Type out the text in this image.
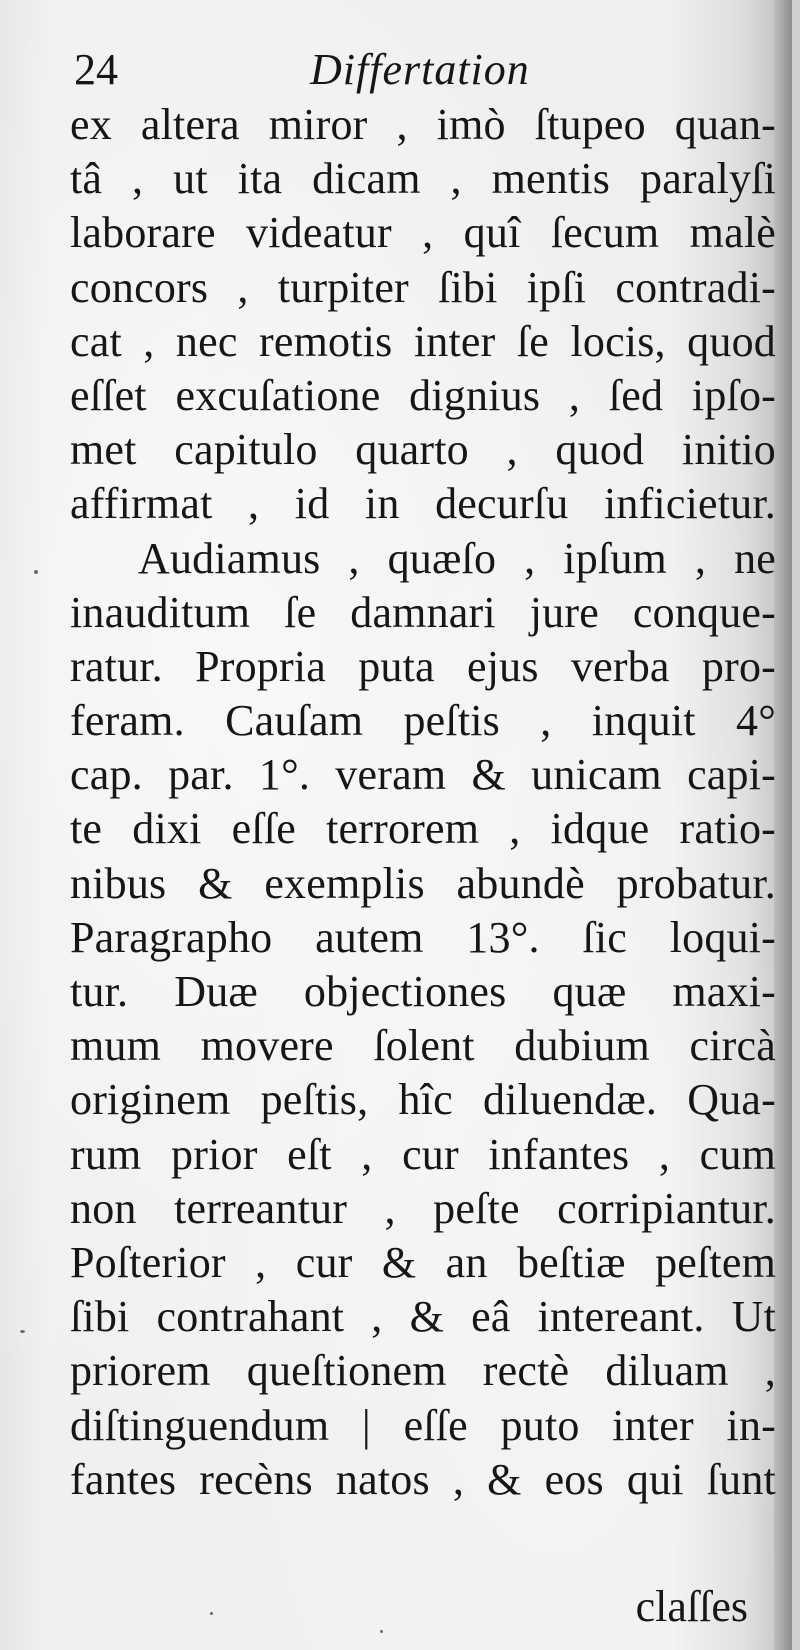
24	Differtation
ex altera miror , imò ſtupeo quan-
tâ , ut ita dicam , mentis paralyſi
laborare videatur , quî ſecum malè
concors , turpiter ſibi ipſi contradi-
cat , nec remotis inter ſe locis, quod
eſſet excuſatione dignius , ſed ipſo-
met capitulo quarto , quod initio
affirmat , id in decurſu inficietur.
Audiamus , quæſo , ipſum , ne
inauditum ſe damnari jure conque-
ratur. Propria puta ejus verba pro-
feram. Cauſam peſtis , inquit 4°
cap. par. 1°. veram & unicam capi-
te dixi eſſe terrorem , idque ratio-
nibus & exemplis abundè probatur.
Paragrapho autem 13°. ſic loqui-
tur. Duæ objectiones quæ maxi-
mum movere ſolent dubium circà
originem peſtis, hîc diluendæ. Qua-
rum prior eſt , cur infantes , cum
non terreantur , peſte corripiantur.
Poſterior , cur & an beſtiæ peſtem
ſibi contrahant , & eâ intereant. Ut
priorem queſtionem rectè diluam ,
diſtinguendum | eſſe puto inter in-
fantes recèns natos , & eos qui ſunt
claſſes
